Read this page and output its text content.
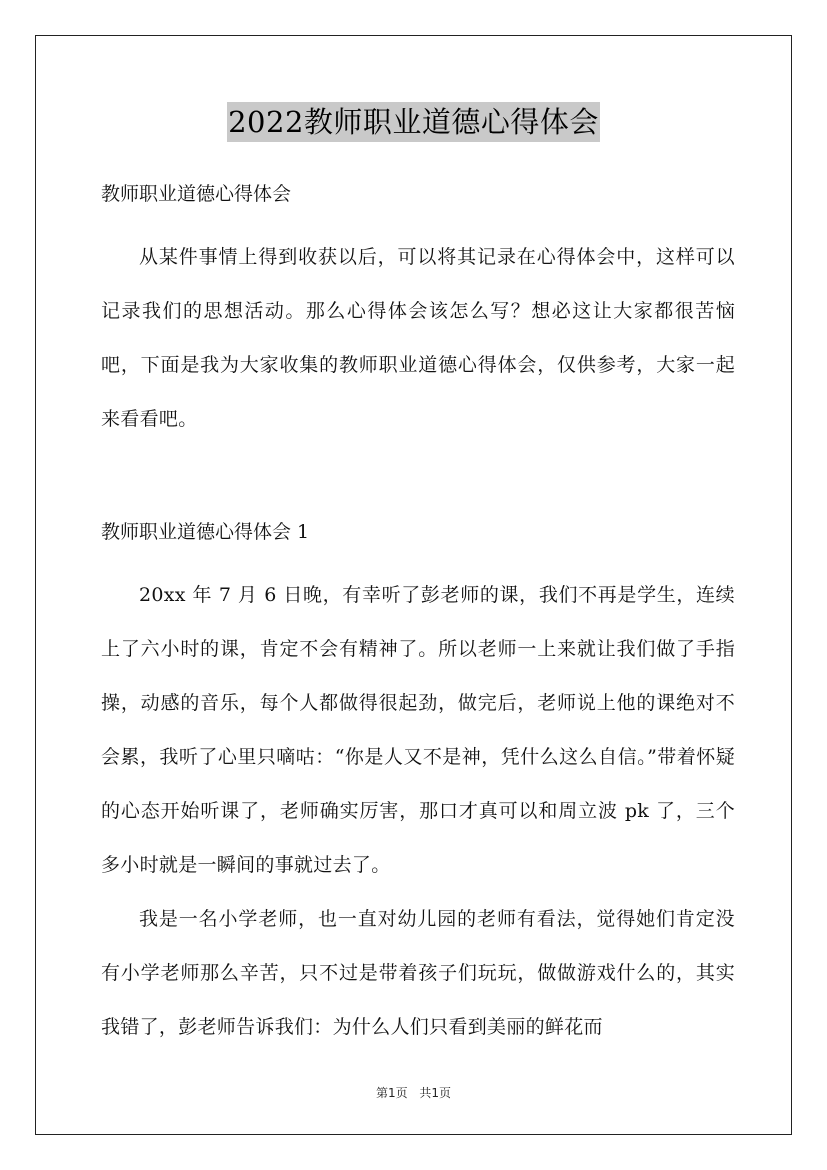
2022教师职业道德心得体会

教师职业道德心得体会

从某件事情上得到收获以后，可以将其记录在心得体会中，这样可以记录我们的思想活动。那么心得体会该怎么写？想必这让大家都很苦恼吧，下面是我为大家收集的教师职业道德心得体会，仅供参考，大家一起来看看吧。

教师职业道德心得体会 1

20xx 年 7 月 6 日晚，有幸听了彭老师的课，我们不再是学生，连续上了六小时的课，肯定不会有精神了。所以老师一上来就让我们做了手指操，动感的音乐，每个人都做得很起劲，做完后，老师说上他的课绝对不会累，我听了心里只嘀咕：“你是人又不是神，凭什么这么自信。”带着怀疑的心态开始听课了，老师确实厉害，那口才真可以和周立波 pk 了，三个多小时就是一瞬间的事就过去了。

我是一名小学老师，也一直对幼儿园的老师有看法，觉得她们肯定没有小学老师那么辛苦，只不过是带着孩子们玩玩，做做游戏什么的，其实我错了，彭老师告诉我们：为什么人们只看到美丽的鲜花而

第1页 共1页
